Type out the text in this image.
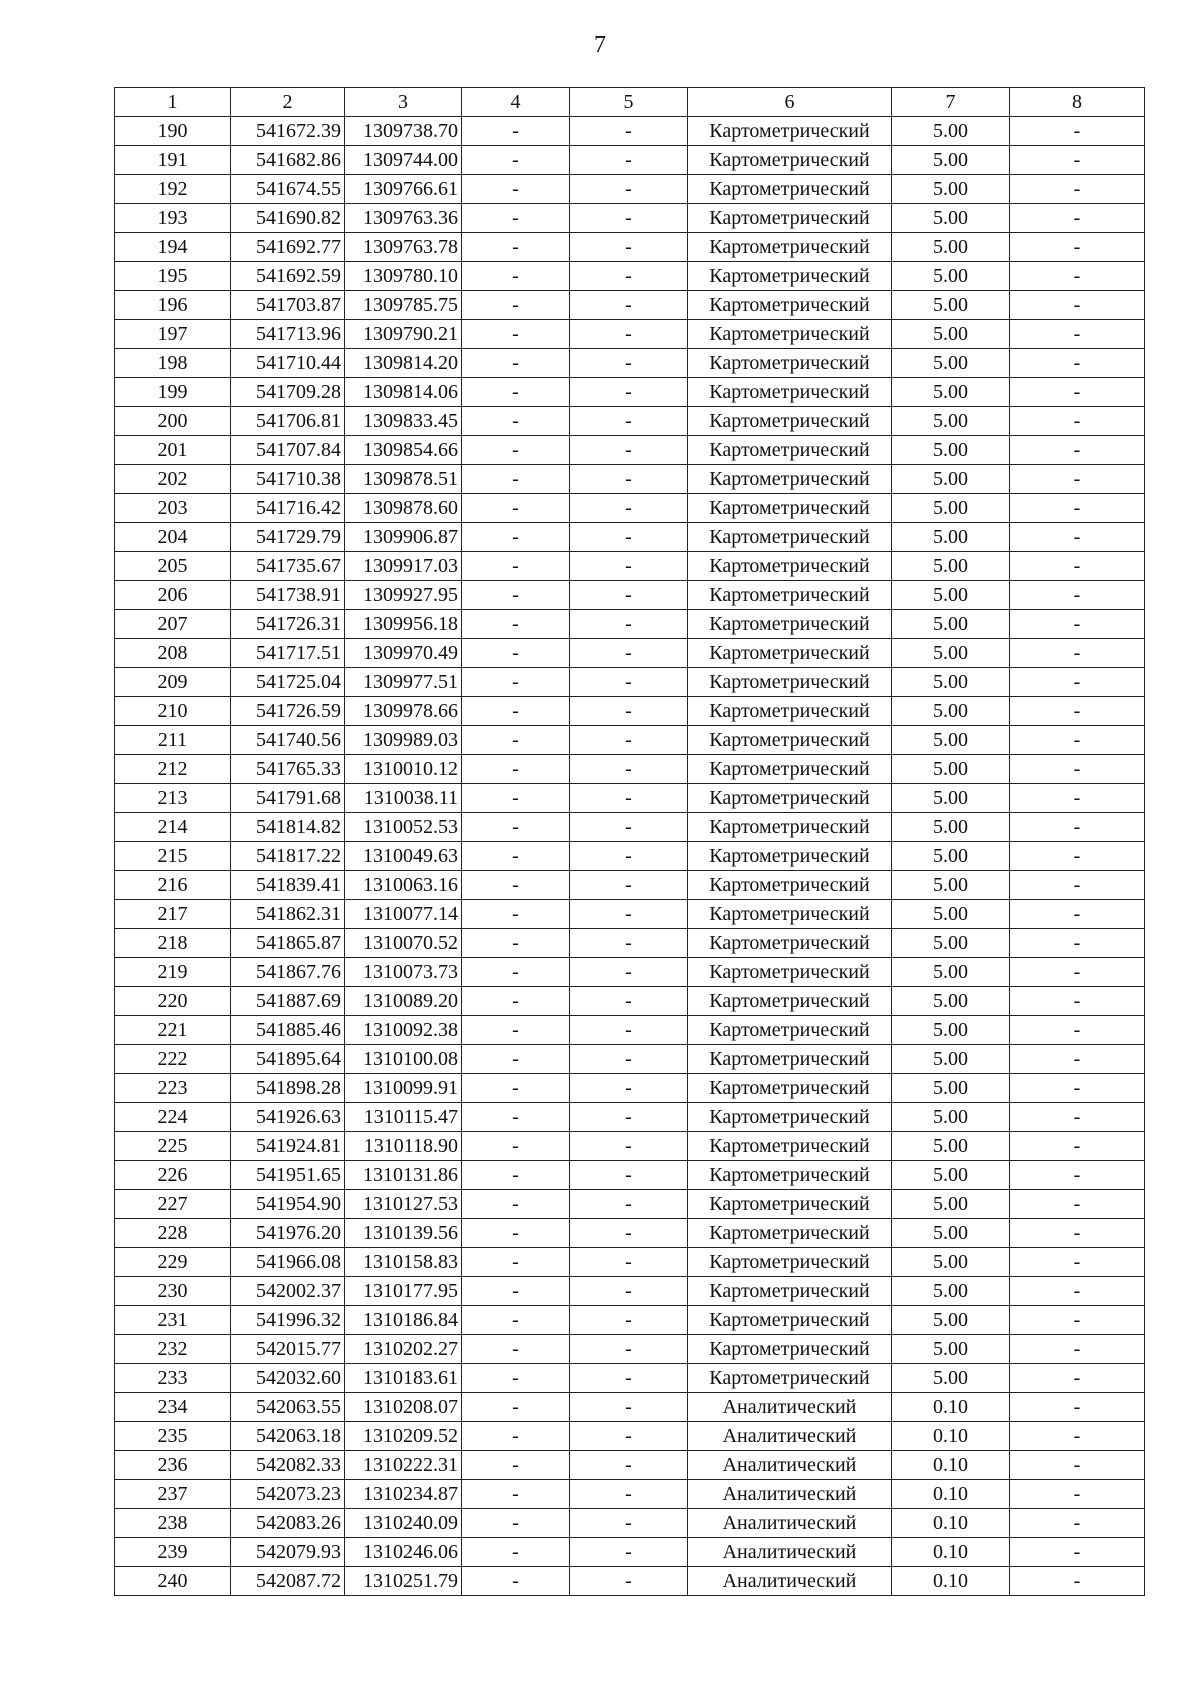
7
1	2	3	4	5	6	7	8
190	541672.39	1309738.70	-	-	Картометрический	5.00	-
191	541682.86	1309744.00	-	-	Картометрический	5.00	-
192	541674.55	1309766.61	-	-	Картометрический	5.00	-
193	541690.82	1309763.36	-	-	Картометрический	5.00	-
194	541692.77	1309763.78	-	-	Картометрический	5.00	-
195	541692.59	1309780.10	-	-	Картометрический	5.00	-
196	541703.87	1309785.75	-	-	Картометрический	5.00	-
197	541713.96	1309790.21	-	-	Картометрический	5.00	-
198	541710.44	1309814.20	-	-	Картометрический	5.00	-
199	541709.28	1309814.06	-	-	Картометрический	5.00	-
200	541706.81	1309833.45	-	-	Картометрический	5.00	-
201	541707.84	1309854.66	-	-	Картометрический	5.00	-
202	541710.38	1309878.51	-	-	Картометрический	5.00	-
203	541716.42	1309878.60	-	-	Картометрический	5.00	-
204	541729.79	1309906.87	-	-	Картометрический	5.00	-
205	541735.67	1309917.03	-	-	Картометрический	5.00	-
206	541738.91	1309927.95	-	-	Картометрический	5.00	-
207	541726.31	1309956.18	-	-	Картометрический	5.00	-
208	541717.51	1309970.49	-	-	Картометрический	5.00	-
209	541725.04	1309977.51	-	-	Картометрический	5.00	-
210	541726.59	1309978.66	-	-	Картометрический	5.00	-
211	541740.56	1309989.03	-	-	Картометрический	5.00	-
212	541765.33	1310010.12	-	-	Картометрический	5.00	-
213	541791.68	1310038.11	-	-	Картометрический	5.00	-
214	541814.82	1310052.53	-	-	Картометрический	5.00	-
215	541817.22	1310049.63	-	-	Картометрический	5.00	-
216	541839.41	1310063.16	-	-	Картометрический	5.00	-
217	541862.31	1310077.14	-	-	Картометрический	5.00	-
218	541865.87	1310070.52	-	-	Картометрический	5.00	-
219	541867.76	1310073.73	-	-	Картометрический	5.00	-
220	541887.69	1310089.20	-	-	Картометрический	5.00	-
221	541885.46	1310092.38	-	-	Картометрический	5.00	-
222	541895.64	1310100.08	-	-	Картометрический	5.00	-
223	541898.28	1310099.91	-	-	Картометрический	5.00	-
224	541926.63	1310115.47	-	-	Картометрический	5.00	-
225	541924.81	1310118.90	-	-	Картометрический	5.00	-
226	541951.65	1310131.86	-	-	Картометрический	5.00	-
227	541954.90	1310127.53	-	-	Картометрический	5.00	-
228	541976.20	1310139.56	-	-	Картометрический	5.00	-
229	541966.08	1310158.83	-	-	Картометрический	5.00	-
230	542002.37	1310177.95	-	-	Картометрический	5.00	-
231	541996.32	1310186.84	-	-	Картометрический	5.00	-
232	542015.77	1310202.27	-	-	Картометрический	5.00	-
233	542032.60	1310183.61	-	-	Картометрический	5.00	-
234	542063.55	1310208.07	-	-	Аналитический	0.10	-
235	542063.18	1310209.52	-	-	Аналитический	0.10	-
236	542082.33	1310222.31	-	-	Аналитический	0.10	-
237	542073.23	1310234.87	-	-	Аналитический	0.10	-
238	542083.26	1310240.09	-	-	Аналитический	0.10	-
239	542079.93	1310246.06	-	-	Аналитический	0.10	-
240	542087.72	1310251.79	-	-	Аналитический	0.10	-
